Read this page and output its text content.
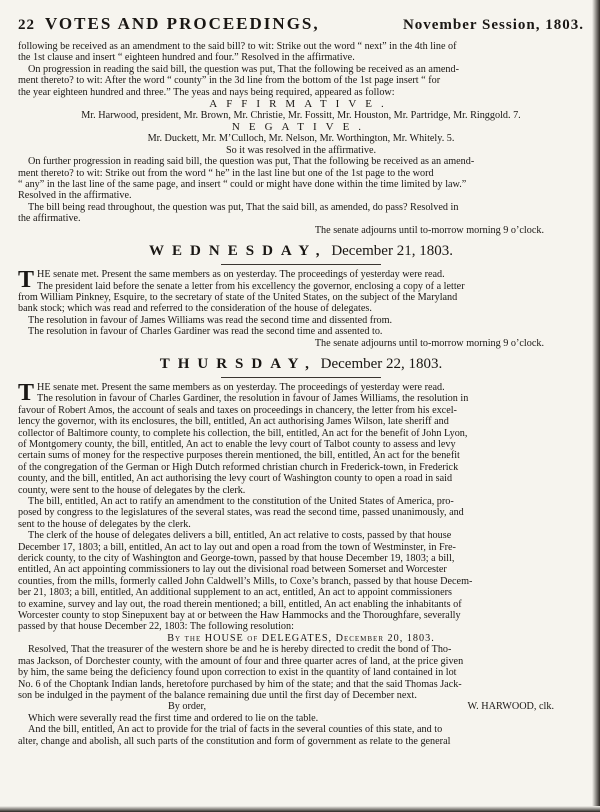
22 VOTES AND PROCEEDINGS,	November Session, 1803.

following be received as an amendment to the said bill? to wit: Strike out the word “ next” in the 4th line of

the 1st clause and insert “ eighteen hundred and four.” Resolved in the affirmative.

On progression in reading the said bill, the question was put, That the following be received as an amend-

ment thereto? to wit: After the word “ county” in the 3d line from the bottom of the 1st page insert “ for

the year eighteen hundred and three.” The yeas and nays being required, appeared as follow:

AFFIRMATIVE.

Mr. Harwood, president, Mr. Brown, Mr. Christie, Mr. Fossitt, Mr. Houston, Mr. Partridge, Mr. Ringgold. 7.

NEGATIVE.

Mr. Duckett, Mr. M’Culloch, Mr. Nelson, Mr. Worthington, Mr. Whitely. 5.

So it was resolved in the affirmative.

On further progression in reading said bill, the question was put, That the following be received as an amend-

ment thereto? to wit: Strike out from the word “ he” in the last line but one of the 1st page to the word

“ any” in the last line of the same page, and insert “ could or might have done within the time limited by law.”

Resolved in the affirmative.

The bill being read throughout, the question was put, That the said bill, as amended, do pass? Resolved in

the affirmative.

The senate adjourns until to-morrow morning 9 o’clock.

WEDNESDAY, December 21, 1803.
T HE senate met. Present the same members as on yesterday. The proceedings of yesterday were read.
The president laid before the senate a letter from his excellency the governor, enclosing a copy of a letter
from William Pinkney, Esquire, to the secretary of state of the United States, on the subject of the Maryland
bank stock; which was read and referred to the consideration of the house of delegates.
The resolution in favour of James Williams was read the second time and dissented from.
The resolution in favour of Charles Gardiner was read the second time and assented to.

The senate adjourns until to-morrow morning 9 o’clock.

THURSDAY, December 22, 1803.
T HE senate met. Present the same members as on yesterday. The proceedings of yesterday were read.
The resolution in favour of Charles Gardiner, the resolution in favour of James Williams, the resolution in
favour of Robert Amos, the account of seals and taxes on proceedings in chancery, the letter from his excel-
lency the governor, with its enclosures, the bill, entitled, An act authorising James Wilson, late sheriff and
collector of Baltimore county, to complete his collection, the bill, entitled, An act for the benefit of John Lyon,
of Montgomery county, the bill, entitled, An act to enable the levy court of Talbot county to assess and levy
certain sums of money for the respective purposes therein mentioned, the bill, entitled, An act for the benefit
of the congregation of the German or High Dutch reformed christian church in Frederick-town, in Frederick
county, and the bill, entitled, An act authorising the levy court of Washington county to open a road in said
county, were sent to the house of delegates by the clerk.
The bill, entitled, An act to ratify an amendment to the constitution of the United States of America, pro-
posed by congress to the legislatures of the several states, was read the second time, passed unanimously, and
sent to the house of delegates by the clerk.
The clerk of the house of delegates delivers a bill, entitled, An act relative to costs, passed by that house
December 17, 1803; a bill, entitled, An act to lay out and open a road from the town of Westminster, in Fre-
derick county, to the city of Washington and George-town, passed by that house December 19, 1803; a bill,
entitled, An act appointing commissioners to lay out the divisional road between Somerset and Worcester
counties, from the mills, formerly called John Caldwell’s Mills, to Coxe’s branch, passed by that house Decem-
ber 21, 1803; a bill, entitled, An additional supplement to an act, entitled, An act to appoint commissioners
to examine, survey and lay out, the road therein mentioned; a bill, entitled, An act enabling the inhabitants of
Worcester county to stop Sinepuxent bay at or between the Haw Hammocks and the Thoroughfare, severally
passed by that house December 22, 1803: The following resolution:

By the HOUSE of DELEGATES, December 20, 1803.

Resolved, That the treasurer of the western shore be and he is hereby directed to credit the bond of Tho-
mas Jackson, of Dorchester county, with the amount of four and three quarter acres of land, at the price given
by him, the same being the deficiency found upon correction to exist in the quantity of land contained in lot
No. 6 of the Choptank Indian lands, heretofore purchased by him of the state; and that the said Thomas Jack-
son be indulged in the payment of the balance remaining due until the first day of December next.
By order,	W. HARWOOD, clk.
Which were severally read the first time and ordered to lie on the table.
And the bill, entitled, An act to provide for the trial of facts in the several counties of this state, and to
alter, change and abolish, all such parts of the constitution and form of government as relate to the general
